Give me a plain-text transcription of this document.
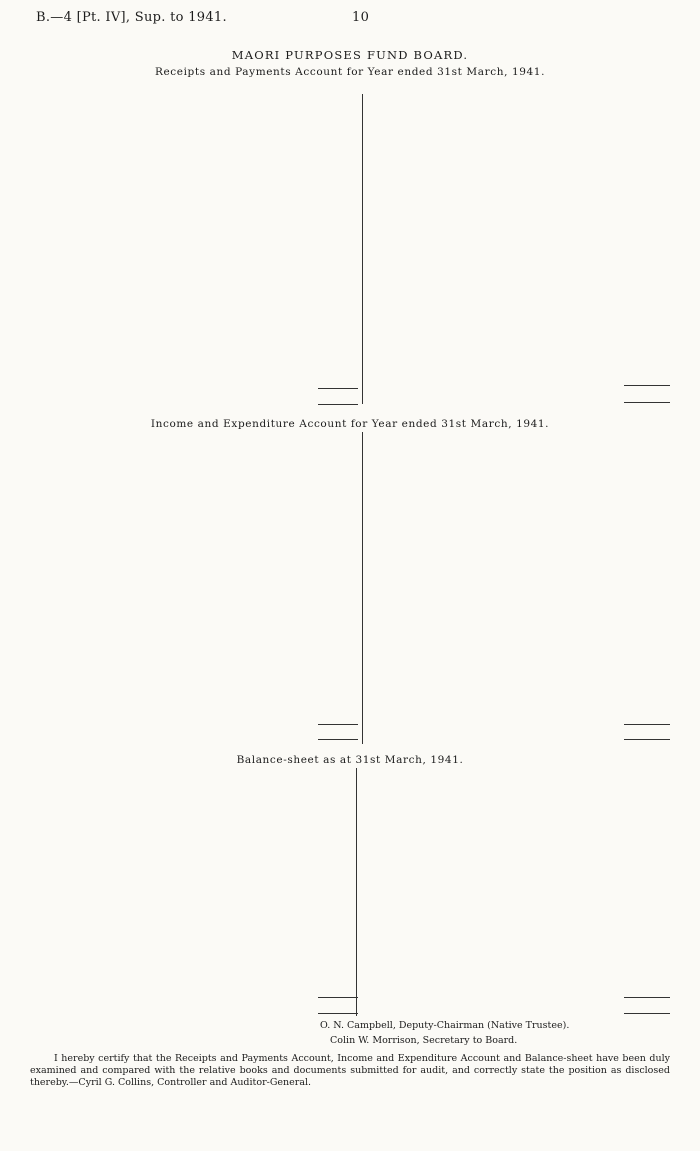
B.—4 [Pt. IV], Sup. to 1941.	10
MAORI PURPOSES FUND BOARD.
Receipts and Payments Account for Year ended 31st March, 1941.
Income and Expenditure Account for Year ended 31st March, 1941.
Balance-sheet as at 31st March, 1941.
O. N. Campbell, Deputy-Chairman (Native Trustee).
Colin W. Morrison, Secretary to Board.
I hereby certify that the Receipts and Payments Account, Income and Expenditure Account and Balance-sheet have been duly examined and compared with the relative books and documents submitted for audit, and correctly state the position as disclosed thereby.—Cyril G. Collins, Controller and Auditor-General.
